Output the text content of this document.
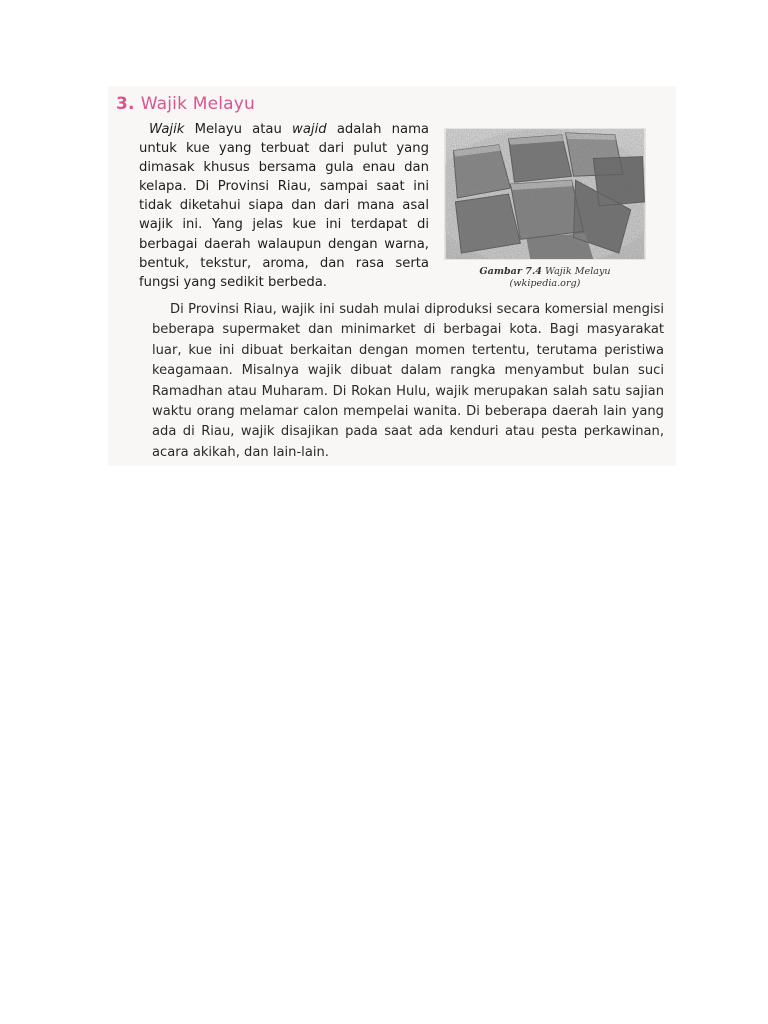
3. Wajik Melayu

Wajik Melayu atau wajid adalah nama untuk kue yang terbuat dari pulut yang dimasak khusus bersama gula enau dan kelapa. Di Provinsi Riau, sampai saat ini tidak diketahui siapa dan dari mana asal wajik ini. Yang jelas kue ini terdapat di berbagai daerah walaupun dengan warna, bentuk, tekstur, aroma, dan rasa serta fungsi yang sedikit berbeda.

Gambar 7.4 Wajik Melayu
(wkipedia.org)

Di Provinsi Riau, wajik ini sudah mulai diproduksi secara komersial mengisi beberapa supermaket dan minimarket di berbagai kota. Bagi masyarakat luar, kue ini dibuat berkaitan dengan momen tertentu, terutama peristiwa keagamaan. Misalnya wajik dibuat dalam rangka menyambut bulan suci Ramadhan atau Muharam. Di Rokan Hulu, wajik merupakan salah satu sajian waktu orang melamar calon mempelai wanita. Di beberapa daerah lain yang ada di Riau, wajik disajikan pada saat ada kenduri atau pesta perkawinan, acara akikah, dan lain-lain.
